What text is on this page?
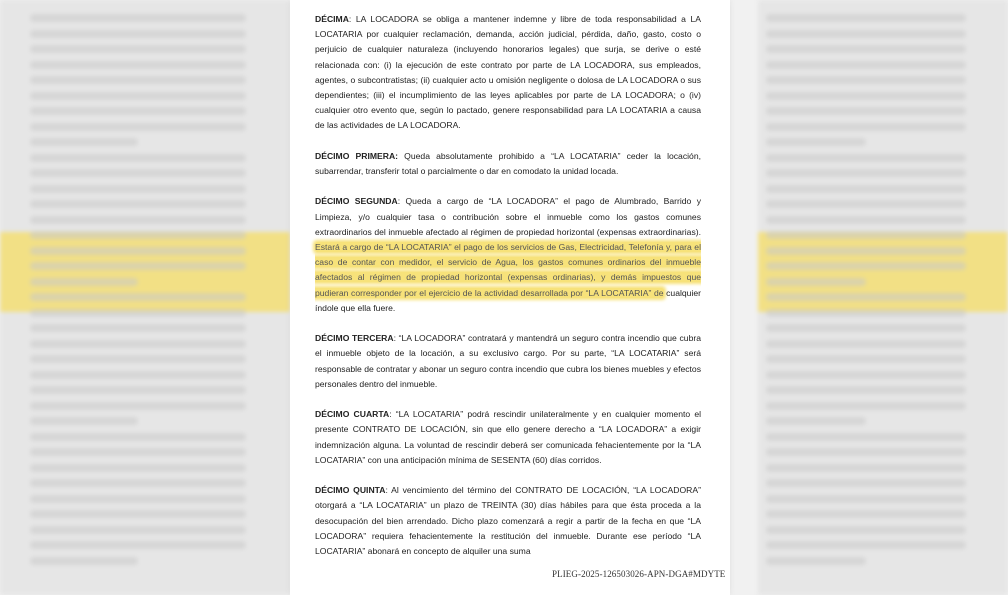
DÉCIMA: LA LOCADORA se obliga a mantener indemne y libre de toda responsabilidad a LA LOCATARIA por cualquier reclamación, demanda, acción judicial, pérdida, daño, gasto, costo o perjuicio de cualquier naturaleza (incluyendo honorarios legales) que surja, se derive o esté relacionada con: (i) la ejecución de este contrato por parte de LA LOCADORA, sus empleados, agentes, o subcontratistas; (ii) cualquier acto u omisión negligente o dolosa de LA LOCADORA o sus dependientes; (iii) el incumplimiento de las leyes aplicables por parte de LA LOCADORA; o (iv) cualquier otro evento que, según lo pactado, genere responsabilidad para LA LOCATARIA a causa de las actividades de LA LOCADORA.

DÉCIMO PRIMERA: Queda absolutamente prohibido a “LA LOCATARIA” ceder la locación, subarrendar, transferir total o parcialmente o dar en comodato la unidad locada.

DÉCIMO SEGUNDA: Queda a cargo de “LA LOCADORA” el pago de Alumbrado, Barrido y Limpieza, y/o cualquier tasa o contribución sobre el inmueble como los gastos comunes extraordinarios del inmueble afectado al régimen de propiedad horizontal (expensas extraordinarias). Estará a cargo de “LA LOCATARIA” el pago de los servicios de Gas, Electricidad, Telefonía y, para el caso de contar con medidor, el servicio de Agua, los gastos comunes ordinarios del inmueble afectados al régimen de propiedad horizontal (expensas ordinarias), y demás impuestos que pudieran corresponder por el ejercicio de la actividad desarrollada por “LA LOCATARIA” de cualquier índole que ella fuere.

DÉCIMO TERCERA: “LA LOCADORA” contratará y mantendrá un seguro contra incendio que cubra el inmueble objeto de la locación, a su exclusivo cargo. Por su parte, “LA LOCATARIA” será responsable de contratar y abonar un seguro contra incendio que cubra los bienes muebles y efectos personales dentro del inmueble.

DÉCIMO CUARTA: “LA LOCATARIA” podrá rescindir unilateralmente y en cualquier momento el presente CONTRATO DE LOCACIÓN, sin que ello genere derecho a “LA LOCADORA” a exigir indemnización alguna. La voluntad de rescindir deberá ser comunicada fehacientemente por la “LA LOCATARIA” con una anticipación mínima de SESENTA (60) días corridos.

DÉCIMO QUINTA: Al vencimiento del término del CONTRATO DE LOCACIÓN, “LA LOCADORA” otorgará a “LA LOCATARIA” un plazo de TREINTA (30) días hábiles para que ésta proceda a la desocupación del bien arrendado. Dicho plazo comenzará a regir a partir de la fecha en que “LA LOCADORA” requiera fehacientemente la restitución del inmueble. Durante ese período “LA LOCATARIA” abonará en concepto de alquiler una suma

PLIEG-2025-126503026-APN-DGA#MDYTE
